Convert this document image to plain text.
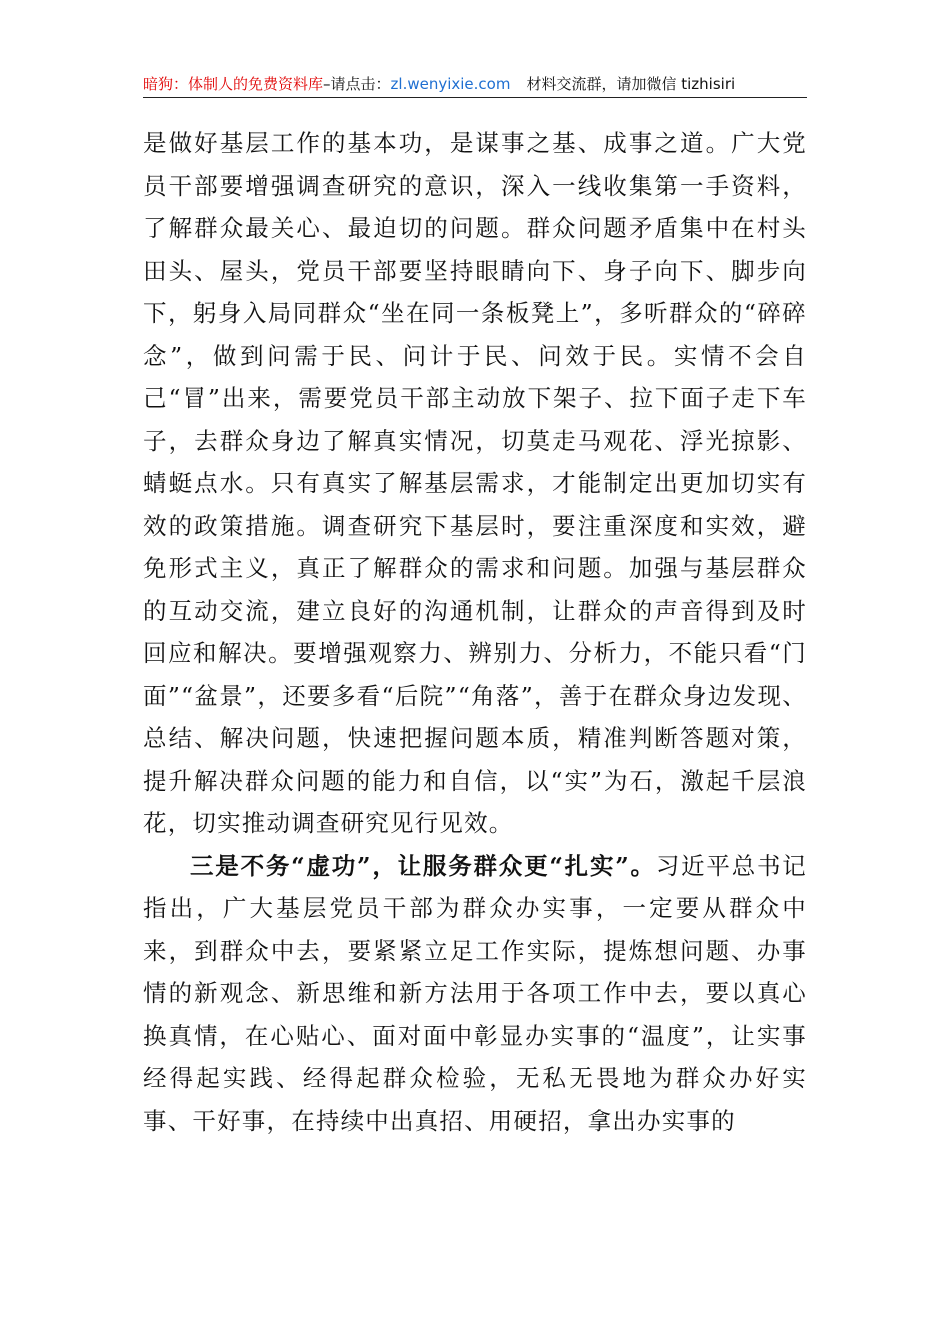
暗狗：体制人的免费资料库 –请点击： zl.wenyixie.com 材料交流群，请加微信 tizhisiri

是做好基层工作的基本功，是谋事之基、成事之道。广大党员干部要增强调查研究的意识，深入一线收集第一手资料，了解群众最关心、最迫切的问题。群众问题矛盾集中在村头田头、屋头，党员干部要坚持眼睛向下、身子向下、脚步向下，躬身入局同群众“坐在同一条板凳上”，多听群众的“碎碎念”，做到问需于民、问计于民、问效于民。实情不会自己“冒”出来，需要党员干部主动放下架子、拉下面子走下车子，去群众身边了解真实情况，切莫走马观花、浮光掠影、蜻蜓点水。只有真实了解基层需求，才能制定出更加切实有效的政策措施。调查研究下基层时，要注重深度和实效，避免形式主义，真正了解群众的需求和问题。加强与基层群众的互动交流，建立良好的沟通机制，让群众的声音得到及时回应和解决。要增强观察力、辨别力、分析力，不能只看“门面”“盆景”，还要多看“后院”“角落”，善于在群众身边发现、总结、解决问题，快速把握问题本质，精准判断答题对策，提升解决群众问题的能力和自信，以“实”为石，激起千层浪花，切实推动调查研究见行见效。

三是不务“虚功”，让服务群众更“扎实”。习近平总书记指出，广大基层党员干部为群众办实事，一定要从群众中来，到群众中去，要紧紧立足工作实际，提炼想问题、办事情的新观念、新思维和新方法用于各项工作中去，要以真心换真情，在心贴心、面对面中彰显办实事的“温度”，让实事经得起实践、经得起群众检验，无私无畏地为群众办好实事、干好事，在持续中出真招、用硬招，拿出办实事的
